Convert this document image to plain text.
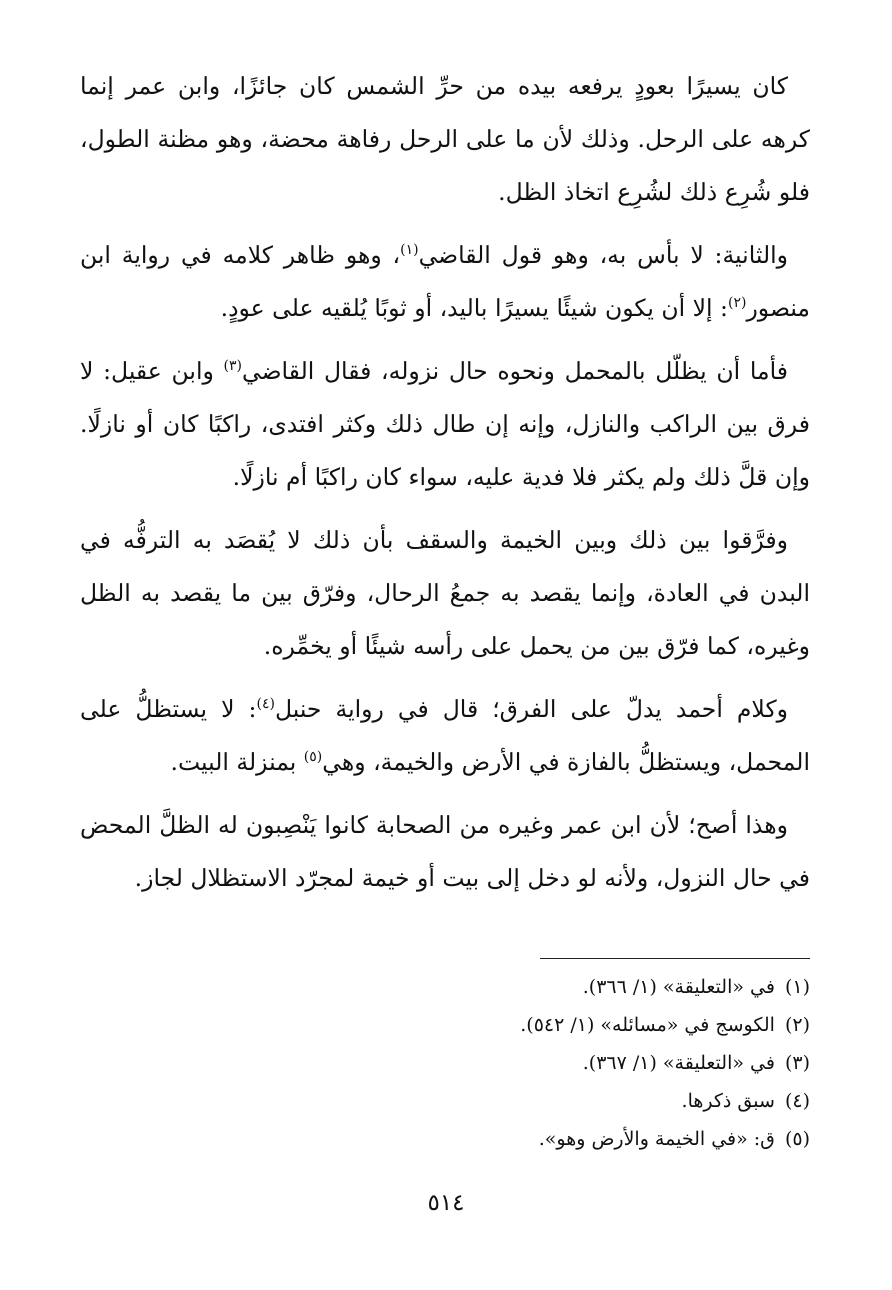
كان يسيرًا بعودٍ يرفعه بيده من حرِّ الشمس كان جائزًا، وابن عمر إنما كرهه على الرحل. وذلك لأن ما على الرحل رفاهة محضة، وهو مظنة الطول، فلو شُرِع ذلك لشُرِع اتخاذ الظل.

والثانية: لا بأس به، وهو قول القاضي$^{(١)}$، وهو ظاهر كلامه في رواية ابن منصور$^{(٢)}$: إلا أن يكون شيئًا يسيرًا باليد، أو ثوبًا يُلقيه على عودٍ.

فأما أن يظلّل بالمحمل ونحوه حال نزوله، فقال القاضي$^{(٣)}$ وابن عقيل: لا فرق بين الراكب والنازل، وإنه إن طال ذلك وكثر افتدى، راكبًا كان أو نازلًا. وإن قلَّ ذلك ولم يكثر فلا فدية عليه، سواء كان راكبًا أم نازلًا.

وفرَّقوا بين ذلك وبين الخيمة والسقف بأن ذلك لا يُقصَد به الترفُّه في البدن في العادة، وإنما يقصد به جمعُ الرحال، وفرّق بين ما يقصد به الظل وغيره، كما فرّق بين من يحمل على رأسه شيئًا أو يخمِّره.

وكلام أحمد يدلّ على الفرق؛ قال في رواية حنبل$^{(٤)}$: لا يستظلُّ على المحمل، ويستظلُّ بالفازة في الأرض والخيمة، وهي$^{(٥)}$ بمنزلة البيت.

وهذا أصح؛ لأن ابن عمر وغيره من الصحابة كانوا يَنْصِبون له الظلَّ المحض في حال النزول، ولأنه لو دخل إلى بيت أو خيمة لمجرّد الاستظلال لجاز.

(١)في «التعليقة» (١/ ٣٦٦).

(٢)الكوسج في «مسائله» (١/ ٥٤٢).

(٣)في «التعليقة» (١/ ٣٦٧).

(٤)سبق ذكرها.

(٥)ق: «في الخيمة والأرض وهو».

٥١٤
